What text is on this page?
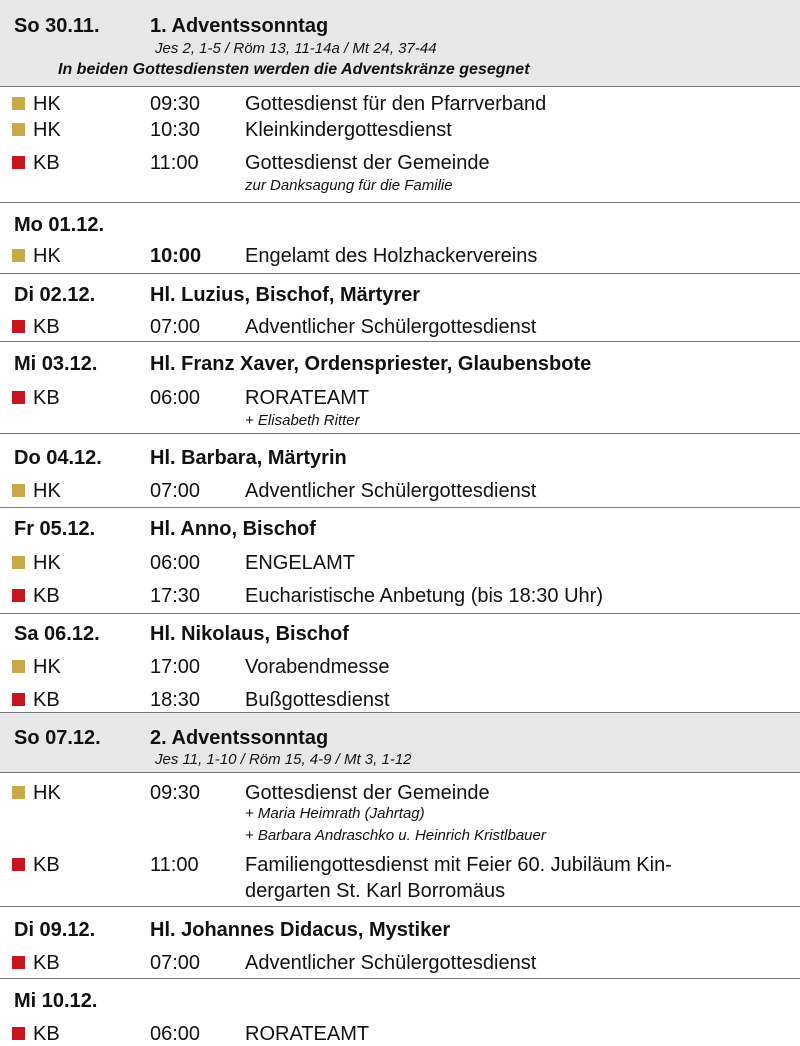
So 30.11.	1. Adventssonntag
Jes 2, 1-5 / Röm 13, 11-14a / Mt 24, 37-44
In beiden Gottesdiensten werden die Adventskränze gesegnet
HK	09:30 Gottesdienst für den Pfarrverband
HK	10:30 Kleinkindergottesdienst
KB	11:00 Gottesdienst der Gemeinde
zur Danksagung für die Familie
Mo 01.12.
HK	10:00 Engelamt des Holzhackervereins
Di 02.12.	Hl. Luzius, Bischof, Märtyrer
KB	07:00 Adventlicher Schülergottesdienst
Mi 03.12.	Hl. Franz Xaver, Ordenspriester, Glaubensbote
KB	06:00 RORATEAMT
+ Elisabeth Ritter
Do 04.12. Hl. Barbara, Märtyrin
HK	07:00 Adventlicher Schülergottesdienst
Fr 05.12.	Hl. Anno, Bischof
HK	06:00 ENGELAMT
KB	17:30 Eucharistische Anbetung (bis 18:30 Uhr)
Sa 06.12.	Hl. Nikolaus, Bischof
HK	17:00 Vorabendmesse
KB	18:30 Bußgottesdienst
So 07.12. 2. Adventssonntag
Jes 11, 1-10 / Röm 15, 4-9 / Mt 3, 1-12
HK	09:30 Gottesdienst der Gemeinde
+ Maria Heimrath (Jahrtag)
+ Barbara Andraschko u. Heinrich Kristlbauer
KB	11:00 Familiengottesdienst mit Feier 60. Jubiläum Kin-
dergarten St. Karl Borromäus
Di 09.12.	Hl. Johannes Didacus, Mystiker
KB	07:00 Adventlicher Schülergottesdienst
Mi 10.12.
KB	06:00 RORATEAMT
